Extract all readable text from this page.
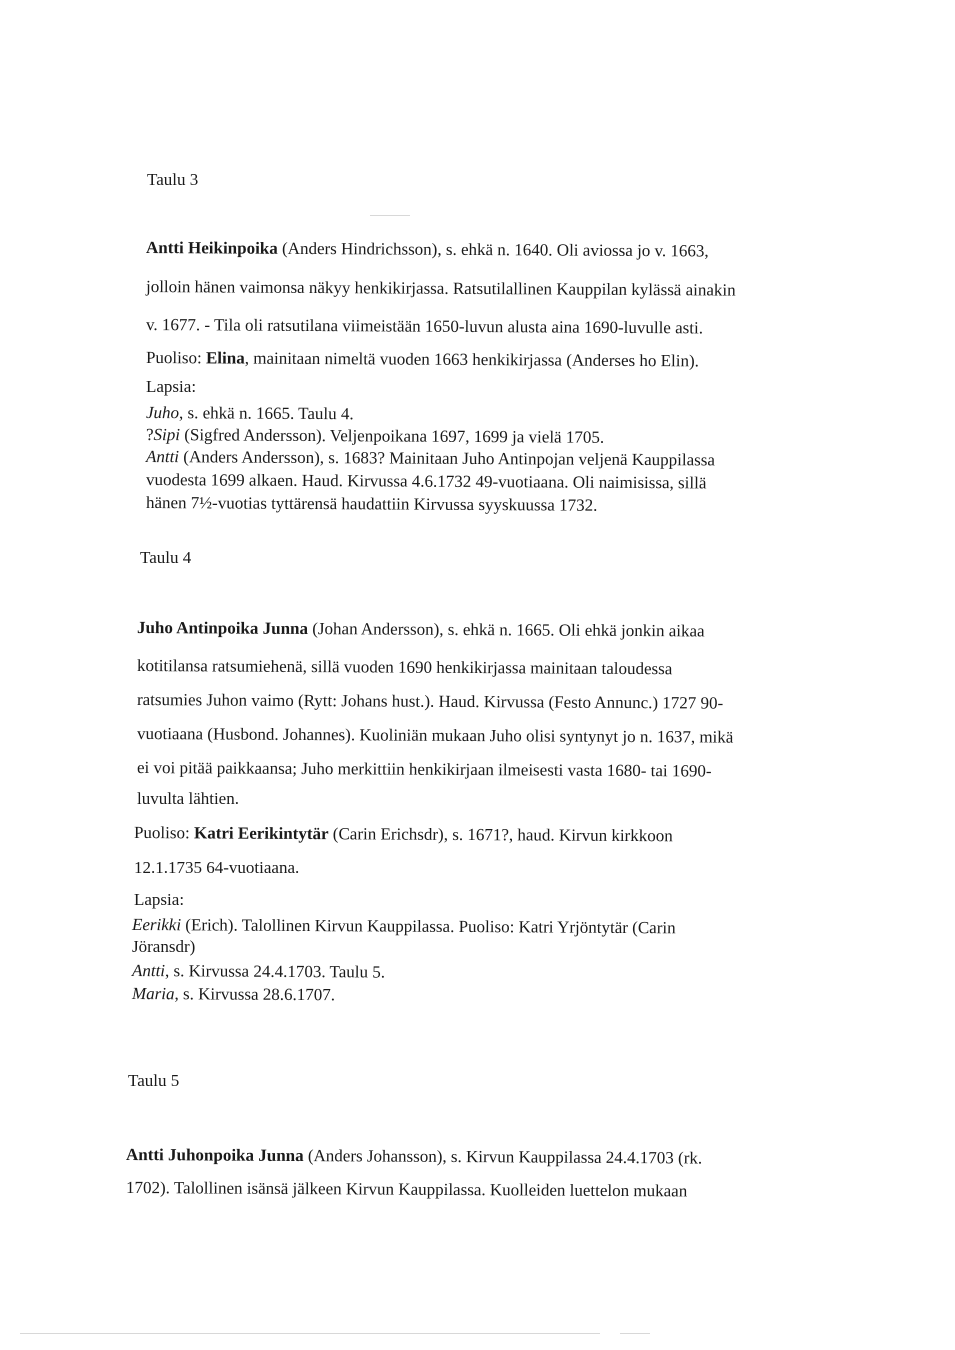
Taulu 3
Antti Heikinpoika (Anders Hindrichsson), s. ehkä n. 1640. Oli aviossa jo v. 1663,
jolloin hänen vaimonsa näkyy henkikirjassa. Ratsutilallinen Kauppilan kylässä ainakin
v. 1677. - Tila oli ratsutilana viimeistään 1650-luvun alusta aina 1690-luvulle asti.
Puoliso: Elina, mainitaan nimeltä vuoden 1663 henkikirjassa (Anderses ho Elin).
Lapsia:
Juho, s. ehkä n. 1665. Taulu 4.
?Sipi (Sigfred Andersson). Veljenpoikana 1697, 1699 ja vielä 1705.
Antti (Anders Andersson), s. 1683? Mainitaan Juho Antinpojan veljenä Kauppilassa
vuodesta 1699 alkaen. Haud. Kirvussa 4.6.1732 49-vuotiaana. Oli naimisissa, sillä
hänen 7½-vuotias tyttärensä haudattiin Kirvussa syyskuussa 1732.
Taulu 4
Juho Antinpoika Junna (Johan Andersson), s. ehkä n. 1665. Oli ehkä jonkin aikaa
kotitilansa ratsumiehenä, sillä vuoden 1690 henkikirjassa mainitaan taloudessa
ratsumies Juhon vaimo (Rytt: Johans hust.). Haud. Kirvussa (Festo Annunc.) 1727 90-
vuotiaana (Husbond. Johannes). Kuoliniän mukaan Juho olisi syntynyt jo n. 1637, mikä
ei voi pitää paikkaansa; Juho merkittiin henkikirjaan ilmeisesti vasta 1680- tai 1690-
luvulta lähtien.
Puoliso: Katri Eerikintytär (Carin Erichsdr), s. 1671?, haud. Kirvun kirkkoon
12.1.1735 64-vuotiaana.
Lapsia:
Eerikki (Erich). Talollinen Kirvun Kauppilassa. Puoliso: Katri Yrjöntytär (Carin
Jöransdr)
Antti, s. Kirvussa 24.4.1703. Taulu 5.
Maria, s. Kirvussa 28.6.1707.
Taulu 5
Antti Juhonpoika Junna (Anders Johansson), s. Kirvun Kauppilassa 24.4.1703 (rk.
1702). Talollinen isänsä jälkeen Kirvun Kauppilassa. Kuolleiden luettelon mukaan
